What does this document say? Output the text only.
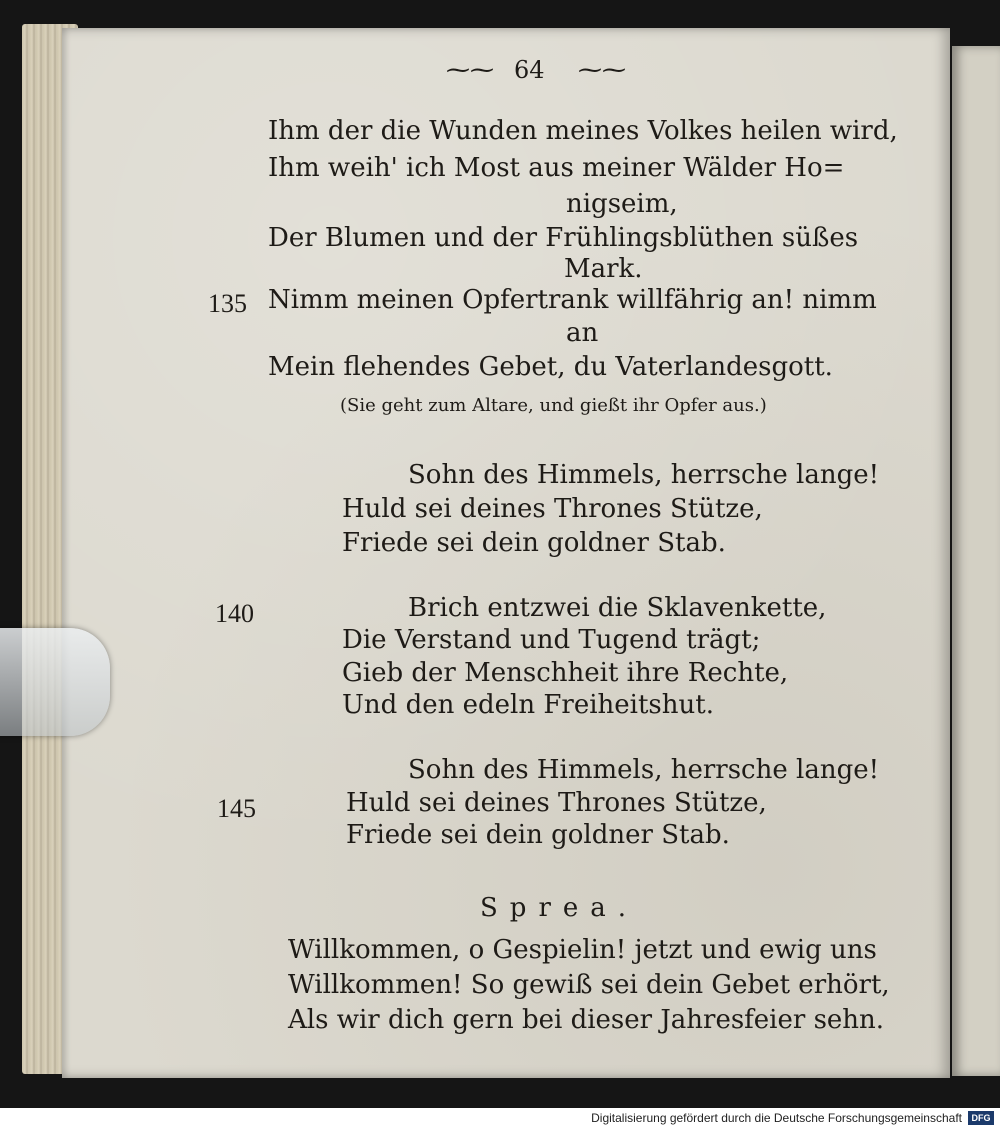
⁓⁓ 64 ⁓⁓
Ihm der die Wunden meines Volkes heilen wird,
Ihm weih' ich Most aus meiner Wälder Ho=
nigseim,
Der Blumen und der Frühlingsblüthen süßes
Mark.
135 Nimm meinen Opfertrank willfährig an! nimm
an
Mein flehendes Gebet, du Vaterlandesgott.
(Sie geht zum Altare, und gießt ihr Opfer aus.)
Sohn des Himmels, herrsche lange!
Huld sei deines Thrones Stütze,
Friede sei dein goldner Stab.
140	Brich entzwei die Sklavenkette,
Die Verstand und Tugend trägt;
Gieb der Menschheit ihre Rechte,
Und den edeln Freiheitshut.
Sohn des Himmels, herrsche lange!
145	Huld sei deines Thrones Stütze,
Friede sei dein goldner Stab.
Sprea.
Willkommen, o Gespielin! jetzt und ewig uns
Willkommen! So gewiß sei dein Gebet erhört,
Als wir dich gern bei dieser Jahresfeier sehn.
Digitalisierung gefördert durch die Deutsche Forschungsgemeinschaft	DFG
